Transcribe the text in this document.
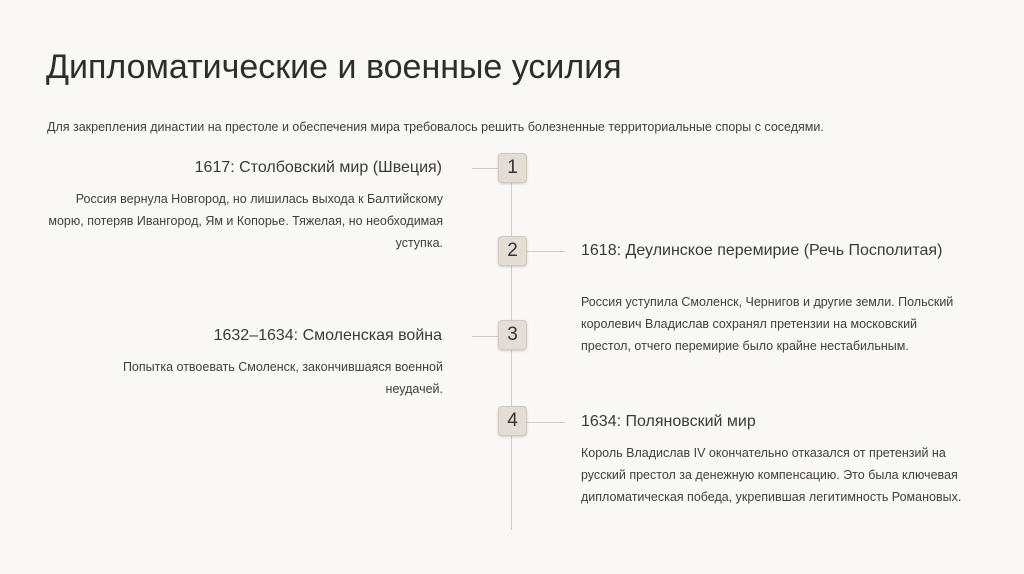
Дипломатические и военные усилия
Для закрепления династии на престоле и обеспечения мира требовалось решить болезненные территориальные споры с соседями.
1
1617: Столбовский мир (Швеция)
Россия вернула Новгород, но лишилась выхода к Балтийскому морю, потеряв Ивангород, Ям и Копорье. Тяжелая, но необходимая уступка.	2	1618: Деулинское перемирие (Речь Посполитая)
Россия уступила Смоленск, Чернигов и другие земли. Польский королевич Владислав сохранял претензии на московский престол, отчего перемирие было крайне нестабильным.
3
1632–1634: Смоленская война
Попытка отвоевать Смоленск, закончившаяся военной неудачей.
4	1634: Поляновский мир
Король Владислав IV окончательно отказался от претензий на русский престол за денежную компенсацию. Это была ключевая дипломатическая победа, укрепившая легитимность Романовых.
